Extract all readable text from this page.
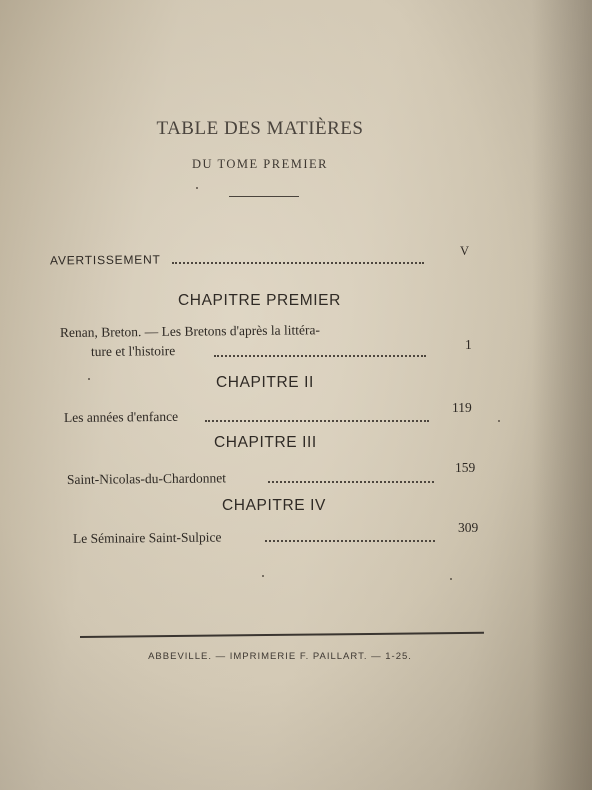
TABLE DES MATIÈRES
DU TOME PREMIER
AVERTISSEMENT
V
CHAPITRE PREMIER
Renan, Breton. — Les Bretons d'après la littéra-
ture et l'histoire	1
CHAPITRE II
Les années d'enfance
119
CHAPITRE III
Saint-Nicolas-du-Chardonnet
159
CHAPITRE IV
Le Séminaire Saint-Sulpice
309
ABBEVILLE. — IMPRIMERIE F. PAILLART. — 1-25.
